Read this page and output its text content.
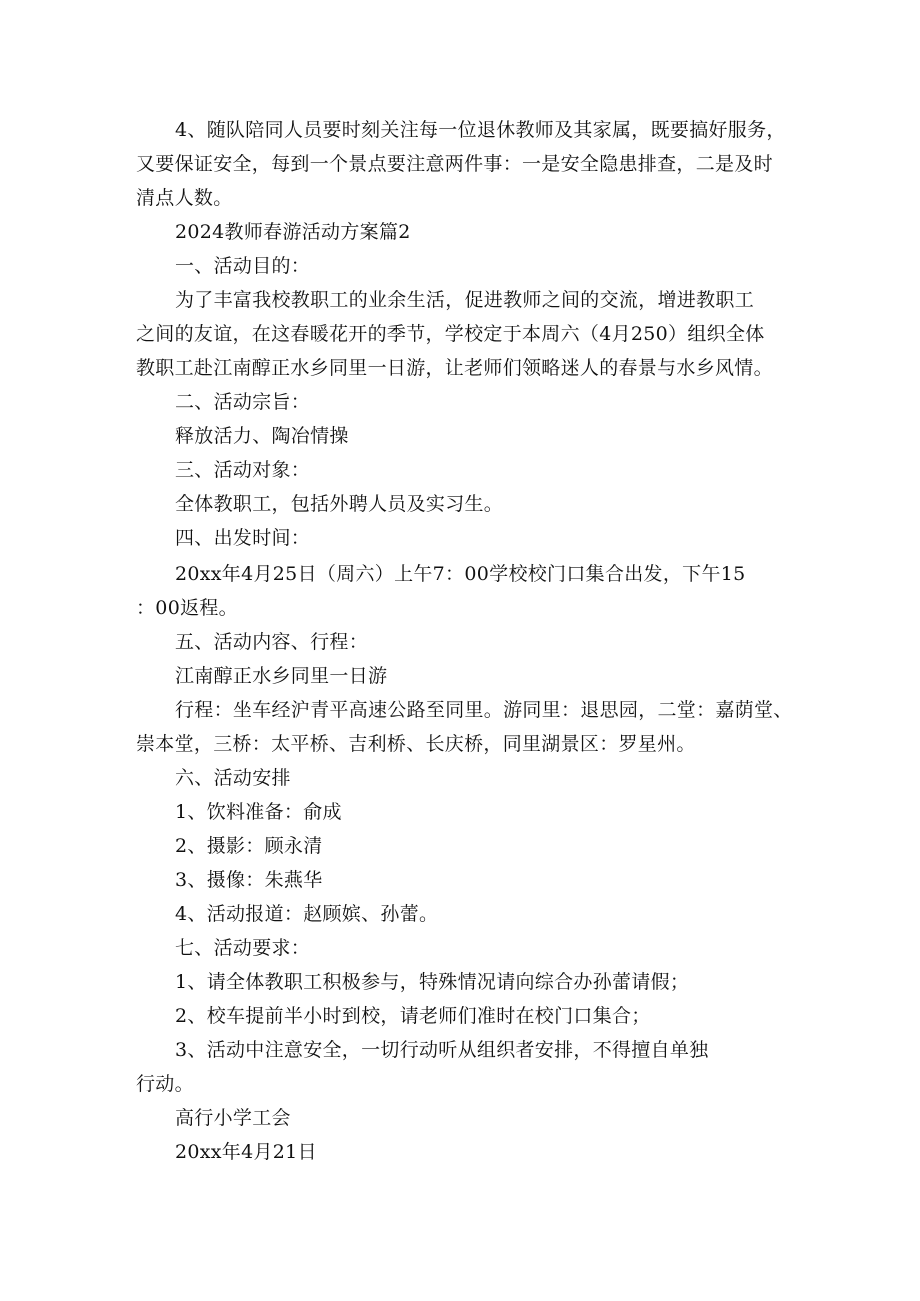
4、随队陪同人员要时刻关注每一位退休教师及其家属，既要搞好服务，
又要保证安全，每到一个景点要注意两件事：一是安全隐患排查，二是及时
清点人数。
2024教师春游活动方案篇2
一、活动目的：
为了丰富我校教职工的业余生活，促进教师之间的交流，增进教职工
之间的友谊，在这春暖花开的季节，学校定于本周六（4月250）组织全体
教职工赴江南醇正水乡同里一日游，让老师们领略迷人的春景与水乡风情。
二、活动宗旨：
释放活力、陶冶情操
三、活动对象：
全体教职工，包括外聘人员及实习生。
四、出发时间：
20xx年4月25日（周六）上午7：00学校校门口集合出发，下午15
：00返程。
五、活动内容、行程：
江南醇正水乡同里一日游
行程：坐车经沪青平高速公路至同里。游同里：退思园，二堂：嘉荫堂、
崇本堂，三桥：太平桥、吉利桥、长庆桥，同里湖景区：罗星州。
六、活动安排
1、饮料准备：俞成
2、摄影：顾永清
3、摄像：朱燕华
4、活动报道：赵顾嫔、孙蕾。
七、活动要求：
1、请全体教职工积极参与，特殊情况请向综合办孙蕾请假；
2、校车提前半小时到校，请老师们准时在校门口集合；
3、活动中注意安全，一切行动听从组织者安排，不得擅自单独
行动。
高行小学工会
20xx年4月21日
